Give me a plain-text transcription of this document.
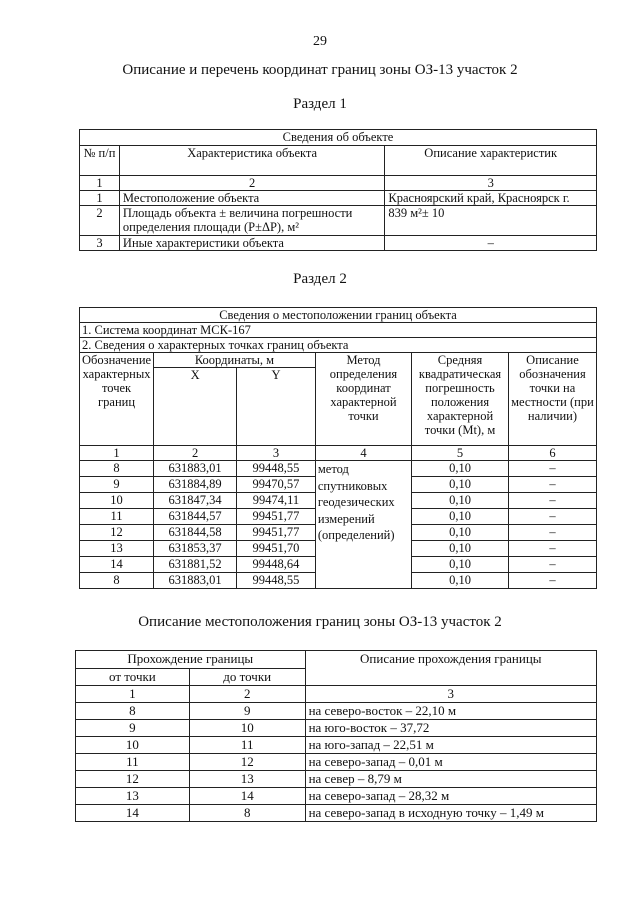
29
Описание и перечень координат границ зоны ОЗ-13 участок 2
Раздел 1
Сведения об объекте		
№ п/п	Характеристика объекта	Описание характеристик
1	2	3
1	Местоположение объекта	Красноярский край, Красноярск г.
2	Площадь объекта ± величина погрешности определения площади (P±ΔP), м²	839 м²± 10
3	Иные характеристики объекта	–
Раздел 2
Сведения о местоположении границ объекта					
1. Система координат МСК-167					
2. Сведения о характерных точках границ объекта					
Обозначение характерных точек границ	Координаты, м		Метод определения координат характерной точки	Средняя квадратическая погрешность положения характерной точки (Mt), м	Описание обозначения точки на местности (при наличии)
	X	Y			
1	2	3	4	5	6
8	631883,01	99448,55	метод спутниковых геодезических измерений (определений)	0,10	–
9	631884,89	99470,57		0,10	–
10	631847,34	99474,11		0,10	–
11	631844,57	99451,77		0,10	–
12	631844,58	99451,77		0,10	–
13	631853,37	99451,70		0,10	–
14	631881,52	99448,64		0,10	–
8	631883,01	99448,55		0,10	–
Описание местоположения границ зоны ОЗ-13 участок 2
Прохождение границы		Описание прохождения границы
от точки	до точки	
1	2	3
8	9	на северо-восток – 22,10 м
9	10	на юго-восток – 37,72
10	11	на юго-запад – 22,51 м
11	12	на северо-запад – 0,01 м
12	13	на север – 8,79 м
13	14	на северо-запад – 28,32 м
14	8	на северо-запад в исходную точку – 1,49 м
